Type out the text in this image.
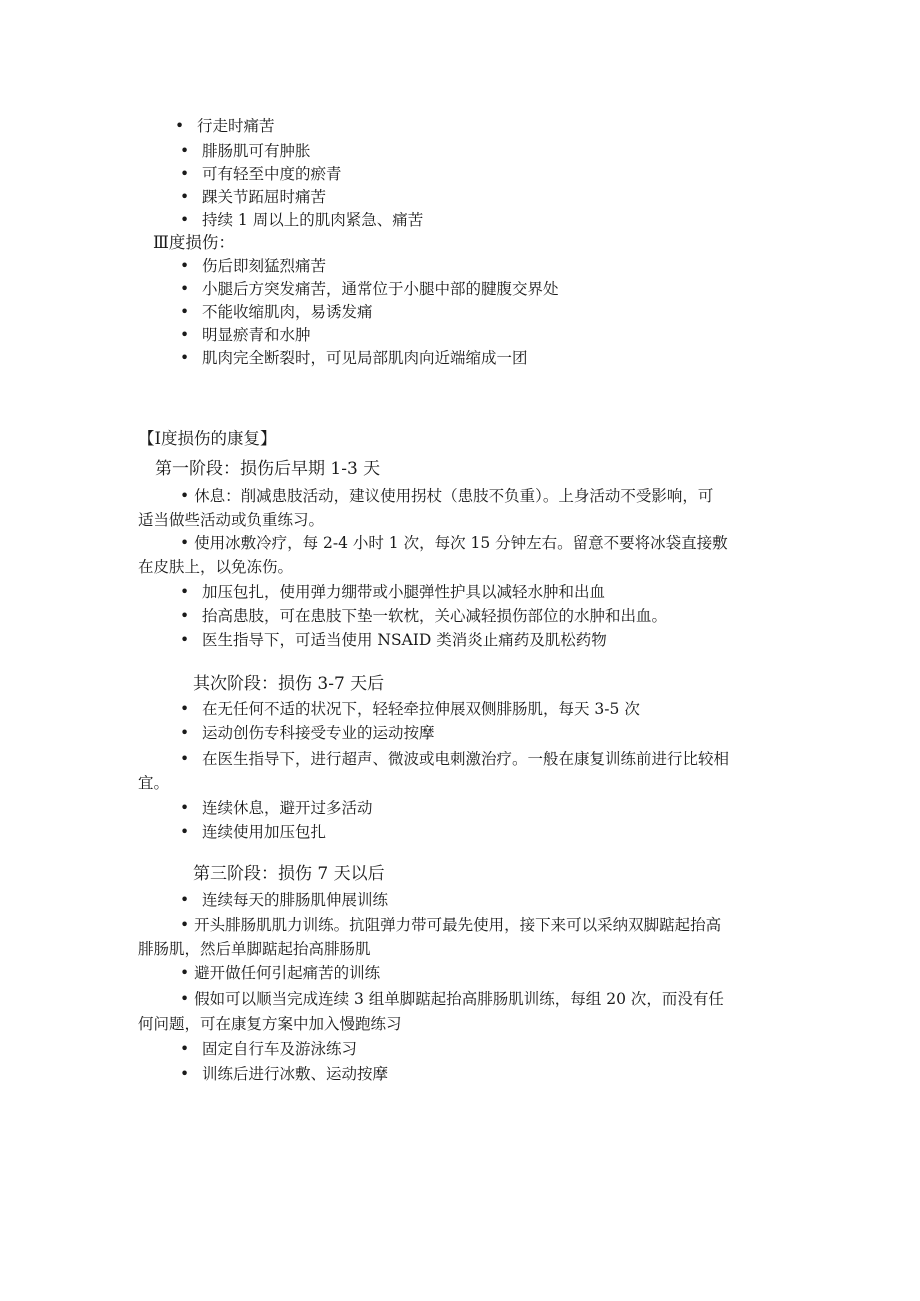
• 行走时痛苦
• 腓肠肌可有肿胀
• 可有轻至中度的瘀青
• 踝关节跖屈时痛苦
• 持续 1 周以上的肌肉紧急、痛苦
Ⅲ度损伤：
• 伤后即刻猛烈痛苦
• 小腿后方突发痛苦，通常位于小腿中部的腱腹交界处
• 不能收缩肌肉，易诱发痛
• 明显瘀青和水肿
• 肌肉完全断裂时，可见局部肌肉向近端缩成一团
【Ⅰ度损伤的康复】
第一阶段：损伤后早期 1-3 天
• 休息：削减患肢活动，建议使用拐杖（患肢不负重）。上身活动不受影响，可
适当做些活动或负重练习。
• 使用冰敷冷疗，每 2-4 小时 1 次，每次 15 分钟左右。留意不要将冰袋直接敷
在皮肤上，以免冻伤。
• 加压包扎，使用弹力绷带或小腿弹性护具以减轻水肿和出血
• 抬高患肢，可在患肢下垫一软枕，关心减轻损伤部位的水肿和出血。
• 医生指导下，可适当使用 NSAID 类消炎止痛药及肌松药物
其次阶段：损伤 3-7 天后
• 在无任何不适的状况下，轻轻牵拉伸展双侧腓肠肌，每天 3-5 次
• 运动创伤专科接受专业的运动按摩
• 在医生指导下，进行超声、微波或电刺激治疗。一般在康复训练前进行比较相
宜。
• 连续休息，避开过多活动
• 连续使用加压包扎
第三阶段：损伤 7 天以后
• 连续每天的腓肠肌伸展训练
• 开头腓肠肌肌力训练。抗阻弹力带可最先使用，接下来可以采纳双脚踮起抬高
腓肠肌，然后单脚踮起抬高腓肠肌
• 避开做任何引起痛苦的训练
• 假如可以顺当完成连续 3 组单脚踮起抬高腓肠肌训练，每组 20 次，而没有任
何问题，可在康复方案中加入慢跑练习
• 固定自行车及游泳练习
• 训练后进行冰敷、运动按摩
